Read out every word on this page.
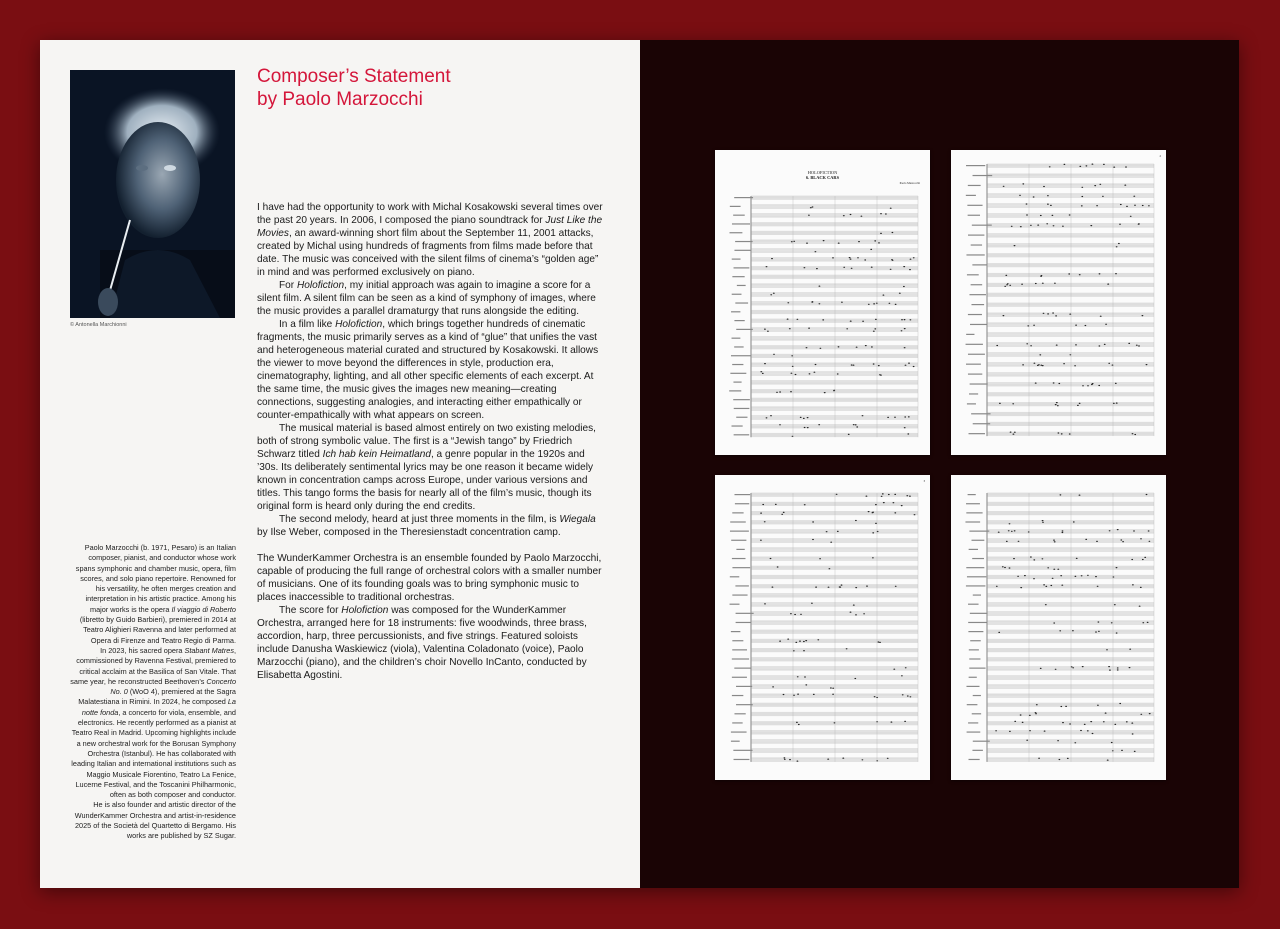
© Antonella Marchionni
Composer’s Statement
by Paolo Marzocchi

I have had the opportunity to work with Michal Kosakowski several times over the past 20 years. In 2006, I composed the piano soundtrack for Just Like the Movies, an award-winning short film about the September 11, 2001 attacks, created by Michal using hundreds of fragments from films made before that date. The music was conceived with the silent films of cinema’s “golden age” in mind and was performed exclusively on piano.

For Holofiction, my initial approach was again to imagine a score for a silent film. A silent film can be seen as a kind of symphony of images, where the music provides a parallel dramaturgy that runs alongside the editing.

In a film like Holofiction, which brings together hundreds of cinematic fragments, the music primarily serves as a kind of “glue” that unifies the vast and heterogeneous material curated and structured by Kosakowski. It allows the viewer to move beyond the differences in style, production era, cinematography, lighting, and all other specific elements of each excerpt. At the same time, the music gives the images new meaning—creating connections, suggesting analogies, and interacting either empathically or counter-empathically with what appears on screen.

The musical material is based almost entirely on two existing melodies, both of strong symbolic value. The first is a “Jewish tango” by Friedrich Schwarz titled Ich hab kein Heimatland, a genre popular in the 1920s and ’30s. Its deliberately sentimental lyrics may be one reason it became widely known in concentration camps across Europe, under various versions and titles. This tango forms the basis for nearly all of the film’s music, though its original form is heard only during the end credits.

The second melody, heard at just three moments in the film, is Wiegala by Ilse Weber, composed in the Theresienstadt concentration camp.

The WunderKammer Orchestra is an ensemble founded by Paolo Marzocchi, capable of producing the full range of orchestral colors with a smaller number of musicians. One of its founding goals was to bring symphonic music to places inaccessible to traditional orchestras.

The score for Holofiction was composed for the WunderKammer Orchestra, arranged here for 18 instruments: five woodwinds, three brass, accordion, harp, three percussionists, and five strings. Featured soloists include Danusha Waskiewicz (viola), Valentina Coladonato (voice), Paolo Marzocchi (piano), and the children’s choir Novello InCanto, conducted by Elisabetta Agostini.

Paolo Marzocchi (b. 1971, Pesaro) is an Italian composer, pianist, and conductor whose work spans symphonic and chamber music, opera, film scores, and solo piano repertoire. Renowned for his versatility, he often merges creation and interpretation in his artistic practice. Among his major works is the opera Il viaggio di Roberto (libretto by Guido Barbieri), premiered in 2014 at Teatro Alighieri Ravenna and later performed at Opera di Firenze and Teatro Regio di Parma.

In 2023, his sacred opera Stabant Matres, commissioned by Ravenna Festival, premiered to critical acclaim at the Basilica of San Vitale. That same year, he reconstructed Beethoven’s Concerto No. 0 (WoO 4), premiered at the Sagra Malatestiana in Rimini. In 2024, he composed La notte fonda, a concerto for viola, ensemble, and electronics. He recently performed as a pianist at Teatro Real in Madrid. Upcoming highlights include a new orchestral work for the Borusan Symphony Orchestra (Istanbul). He has collaborated with leading Italian and international institutions such as Maggio Musicale Fiorentino, Teatro La Fenice, Lucerne Festival, and the Toscanini Philharmonic, often as both composer and conductor.

He is also founder and artistic director of the WunderKammer Orchestra and artist-in-residence 2025 of the Società del Quartetto di Bergamo. His works are published by SZ Sugar.

HOLOFICTION
6. BLACK CARS
Paolo Marzocchi
2
3
